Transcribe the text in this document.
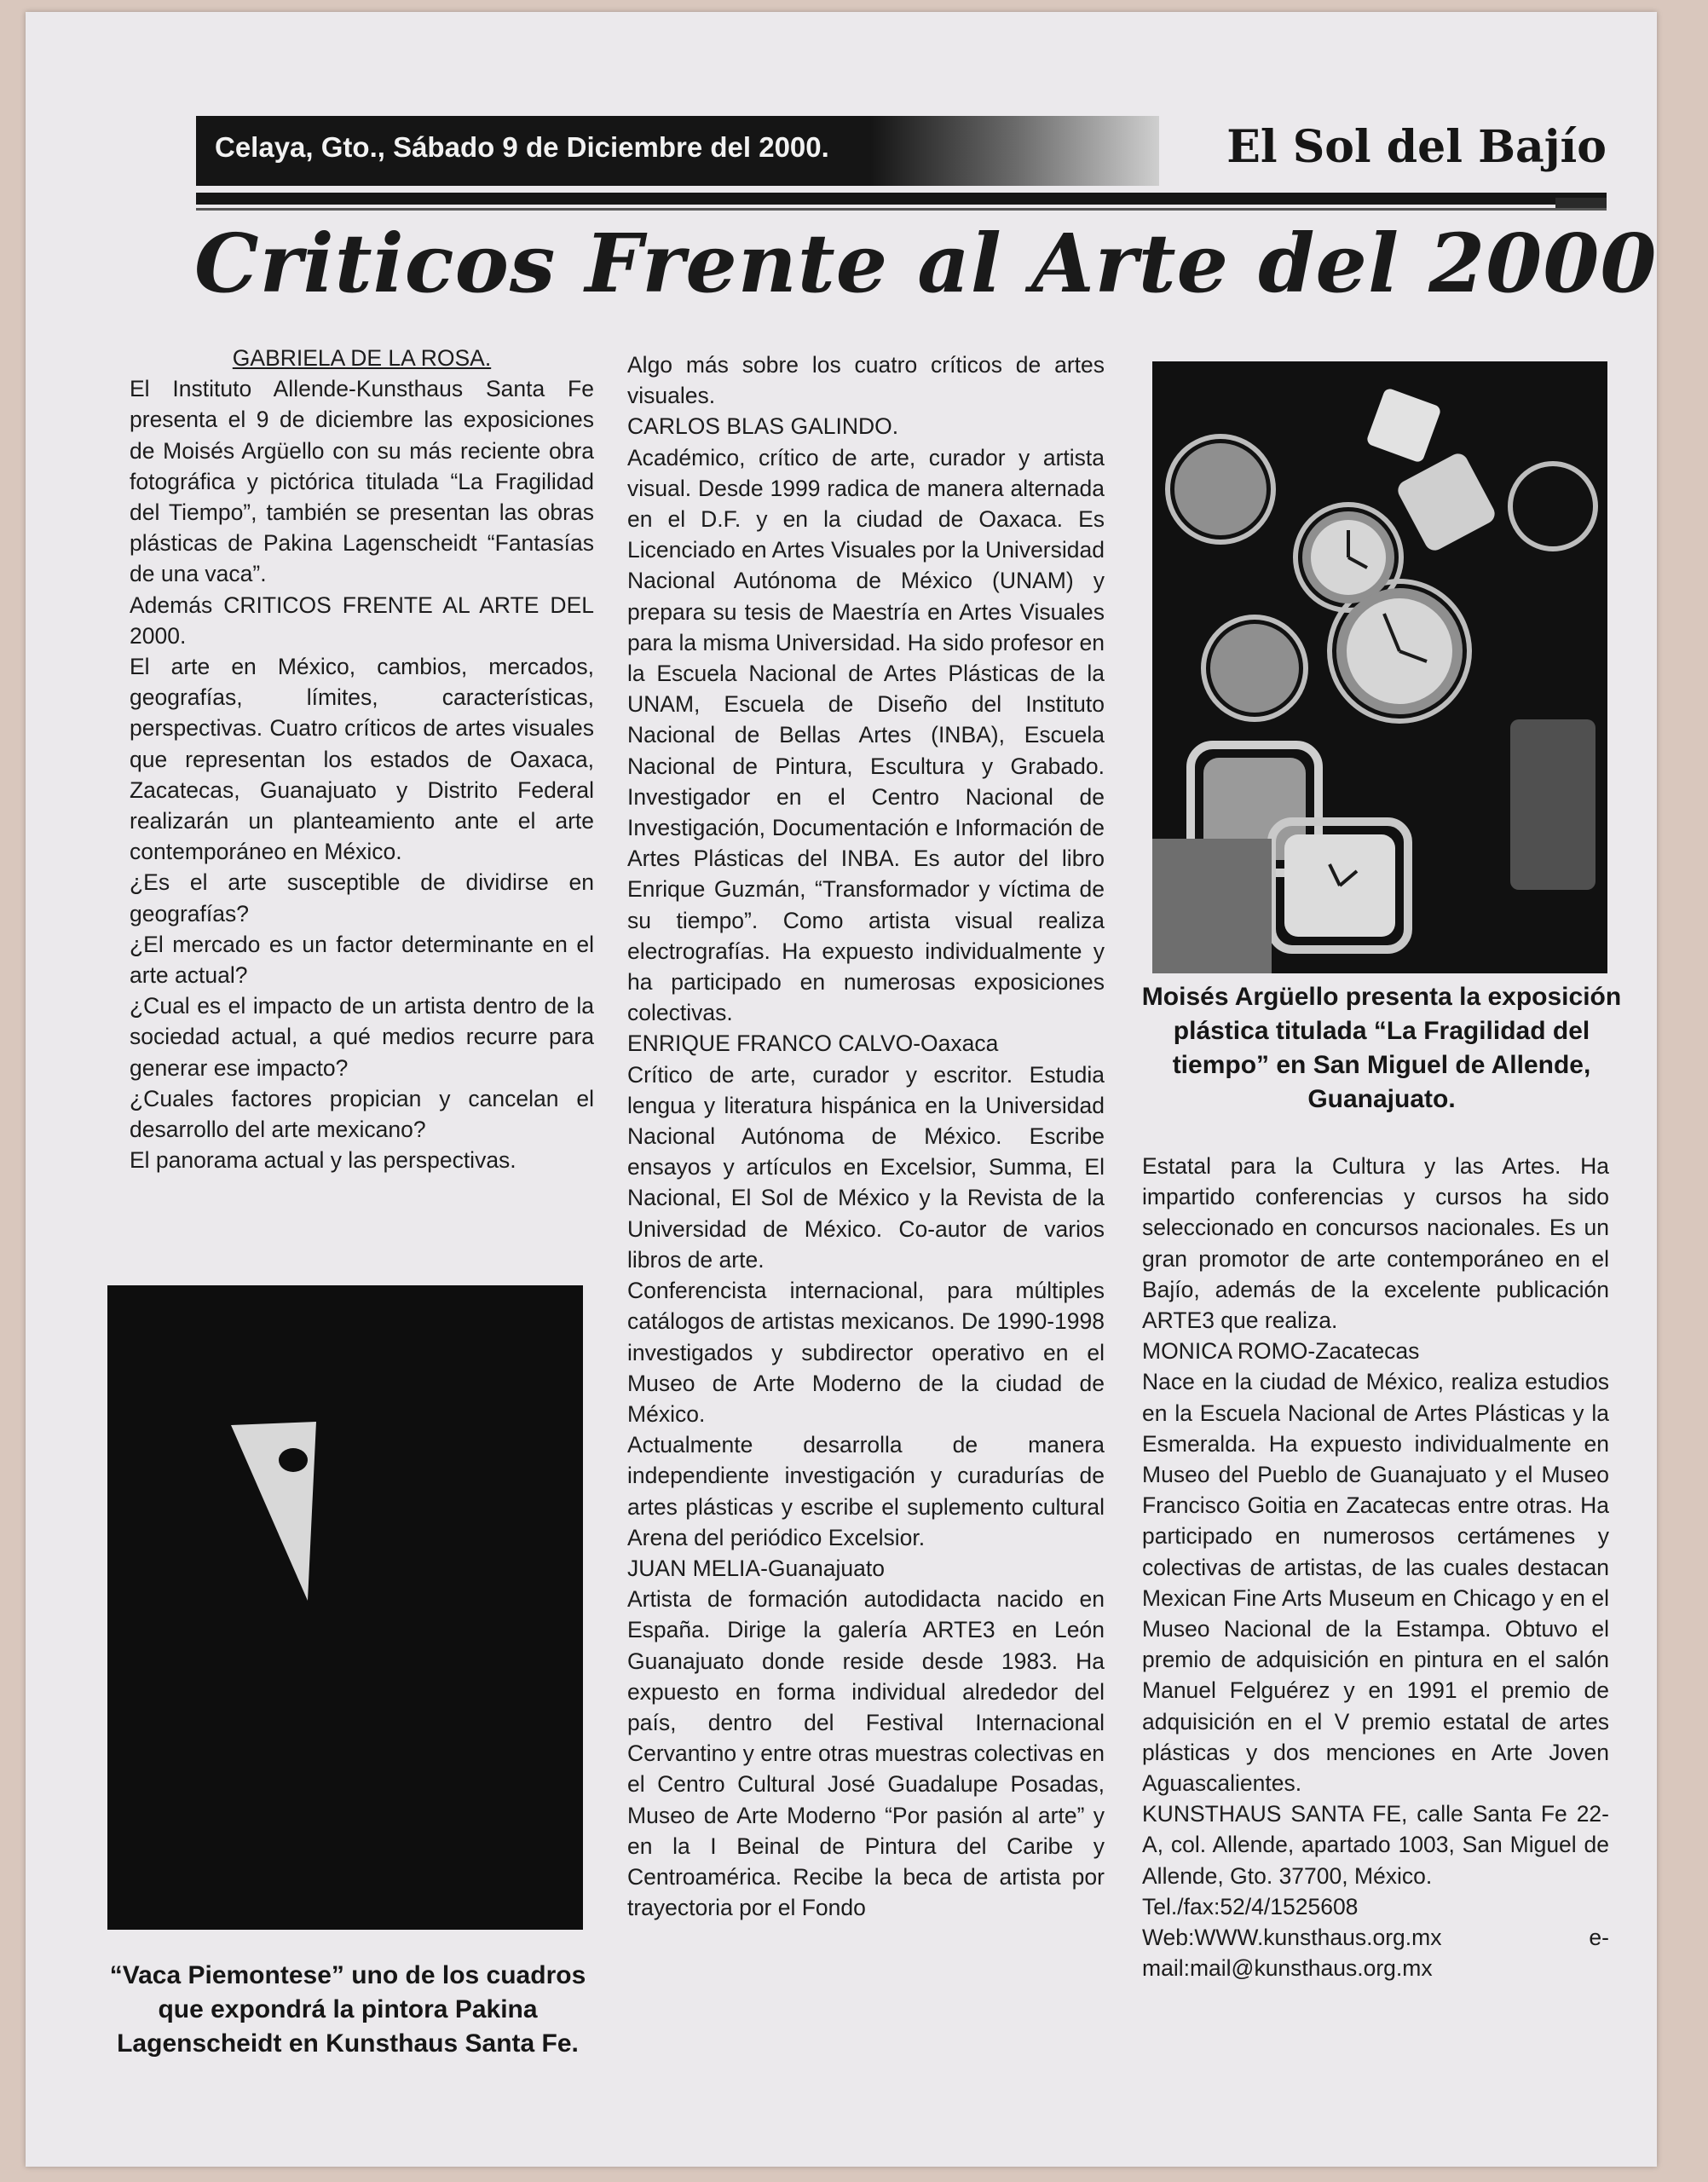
Celaya, Gto., Sábado 9 de Diciembre del 2000.	El Sol del Bajío
Criticos Frente al Arte del 2000

GABRIELA DE LA ROSA.

El Instituto Allende-Kunsthaus Santa Fe presenta el 9 de diciembre las exposiciones de Moisés Argüello con su más reciente obra fotográfica y pictórica titulada “La Fragilidad del Tiempo”, también se presentan las obras plásticas de Pakina Lagenscheidt “Fantasías de una vaca”.

Además CRITICOS FRENTE AL ARTE DEL 2000.

El arte en México, cambios, mercados, geografías, límites, características, perspectivas. Cuatro críticos de artes visuales que representan los estados de Oaxaca, Zacatecas, Guanajuato y Distrito Federal realizarán un planteamiento ante el arte contemporáneo en México.

¿Es el arte susceptible de dividirse en geografías?

¿El mercado es un factor determinante en el arte actual?

¿Cual es el impacto de un artista dentro de la sociedad actual, a qué medios recurre para generar ese impacto?

¿Cuales factores propician y cancelan el desarrollo del arte mexicano?

El panorama actual y las perspectivas.

“Vaca Piemontese” uno de los cuadros que expondrá la pintora Pakina Lagenscheidt en Kunsthaus Santa Fe.

Algo más sobre los cuatro críticos de artes visuales.

CARLOS BLAS GALINDO.

Académico, crítico de arte, curador y artista visual. Desde 1999 radica de manera alternada en el D.F. y en la ciudad de Oaxaca. Es Licenciado en Artes Visuales por la Universidad Nacional Autónoma de México (UNAM) y prepara su tesis de Maestría en Artes Visuales para la misma Universidad. Ha sido profesor en la Escuela Nacional de Artes Plásticas de la UNAM, Escuela de Diseño del Instituto Nacional de Bellas Artes (INBA), Escuela Nacional de Pintura, Escultura y Grabado. Investigador en el Centro Nacional de Investigación, Documentación e Información de Artes Plásticas del INBA. Es autor del libro Enrique Guzmán, “Transformador y víctima de su tiempo”. Como artista visual realiza electrografías. Ha expuesto individualmente y ha participado en numerosas exposiciones colectivas.

ENRIQUE FRANCO CALVO-Oaxaca

Crítico de arte, curador y escritor. Estudia lengua y literatura hispánica en la Universidad Nacional Autónoma de México. Escribe ensayos y artículos en Excelsior, Summa, El Nacional, El Sol de México y la Revista de la Universidad de México. Co-autor de varios libros de arte.

Conferencista internacional, para múltiples catálogos de artistas mexicanos. De 1990-1998 investigados y subdirector operativo en el Museo de Arte Moderno de la ciudad de México.

Actualmente desarrolla de manera independiente investigación y curadurías de artes plásticas y escribe el suplemento cultural Arena del periódico Excelsior.

JUAN MELIA-Guanajuato

Artista de formación autodidacta nacido en España. Dirige la galería ARTE3 en León Guanajuato donde reside desde 1983. Ha expuesto en forma individual alrededor del país, dentro del Festival Internacional Cervantino y entre otras muestras colectivas en el Centro Cultural José Guadalupe Posadas, Museo de Arte Moderno “Por pasión al arte” y en la I Beinal de Pintura del Caribe y Centroamérica. Recibe la beca de artista por trayectoria por el Fondo

Moisés Argüello presenta la exposición plástica titulada “La Fragilidad del tiempo” en San Miguel de Allende, Guanajuato.

Estatal para la Cultura y las Artes. Ha impartido conferencias y cursos ha sido seleccionado en concursos nacionales. Es un gran promotor de arte contemporáneo en el Bajío, además de la excelente publicación ARTE3 que realiza.

MONICA ROMO-Zacatecas

Nace en la ciudad de México, realiza estudios en la Escuela Nacional de Artes Plásticas y la Esmeralda. Ha expuesto individualmente en Museo del Pueblo de Guanajuato y el Museo Francisco Goitia en Zacatecas entre otras. Ha participado en numerosos certámenes y colectivas de artistas, de las cuales destacan Mexican Fine Arts Museum en Chicago y en el Museo Nacional de la Estampa. Obtuvo el premio de adquisición en pintura en el salón Manuel Felguérez y en 1991 el premio de adquisición en el V premio estatal de artes plásticas y dos menciones en Arte Joven Aguascalientes.

KUNSTHAUS SANTA FE, calle Santa Fe 22-A, col. Allende, apartado 1003, San Miguel de Allende, Gto. 37700, México.

Tel./fax:52/4/1525608 Web:WWW.kunsthaus.org.mx e-mail:mail@kunsthaus.org.mx
